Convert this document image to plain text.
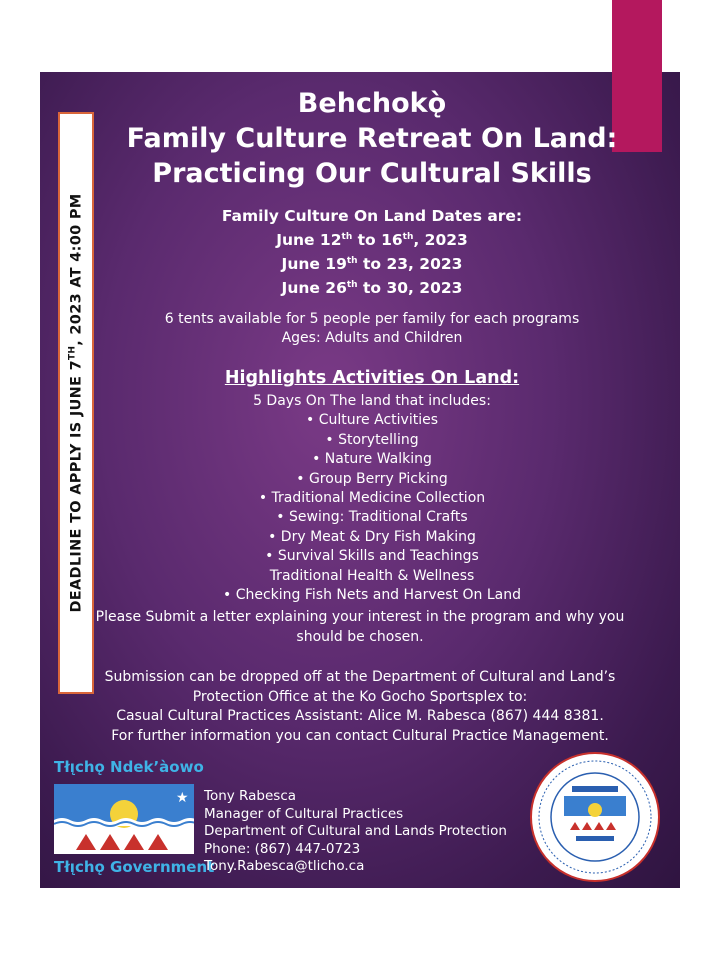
DEADLINE TO APPLY IS JUNE 7TH, 2023 AT 4:00 PM
Behchokǫ̀
Family Culture Retreat On Land:
Practicing Our Cultural Skills
Family Culture On Land Dates are:
June 12th to 16th, 2023
June 19th to 23, 2023
June 26th to 30, 2023
6 tents available for 5 people per family for each programs
Ages: Adults and Children
Highlights Activities On Land:
5 Days On The land that includes:
• Culture Activities
• Storytelling
• Nature Walking
• Group Berry Picking
• Traditional Medicine Collection
• Sewing: Traditional Crafts
• Dry Meat & Dry Fish Making
• Survival Skills and Teachings
Traditional Health & Wellness
• Checking Fish Nets and Harvest On Land
Please Submit a letter explaining your interest in the program and why you
should be chosen.
Submission can be dropped off at the Department of Cultural and Land’s
Protection Office at the Ko Gocho Sportsplex to:
Casual Cultural Practices Assistant: Alice M. Rabesca (867) 444 8381.
For further information you can contact Cultural Practice Management.
Tłı̨chǫ Ndek’àowo
★
Tłı̨chǫ Government
Tony Rabesca
Manager of Cultural Practices
Department of Cultural and Lands Protection
Phone: (867) 447-0723
Tony.Rabesca@tlicho.ca
